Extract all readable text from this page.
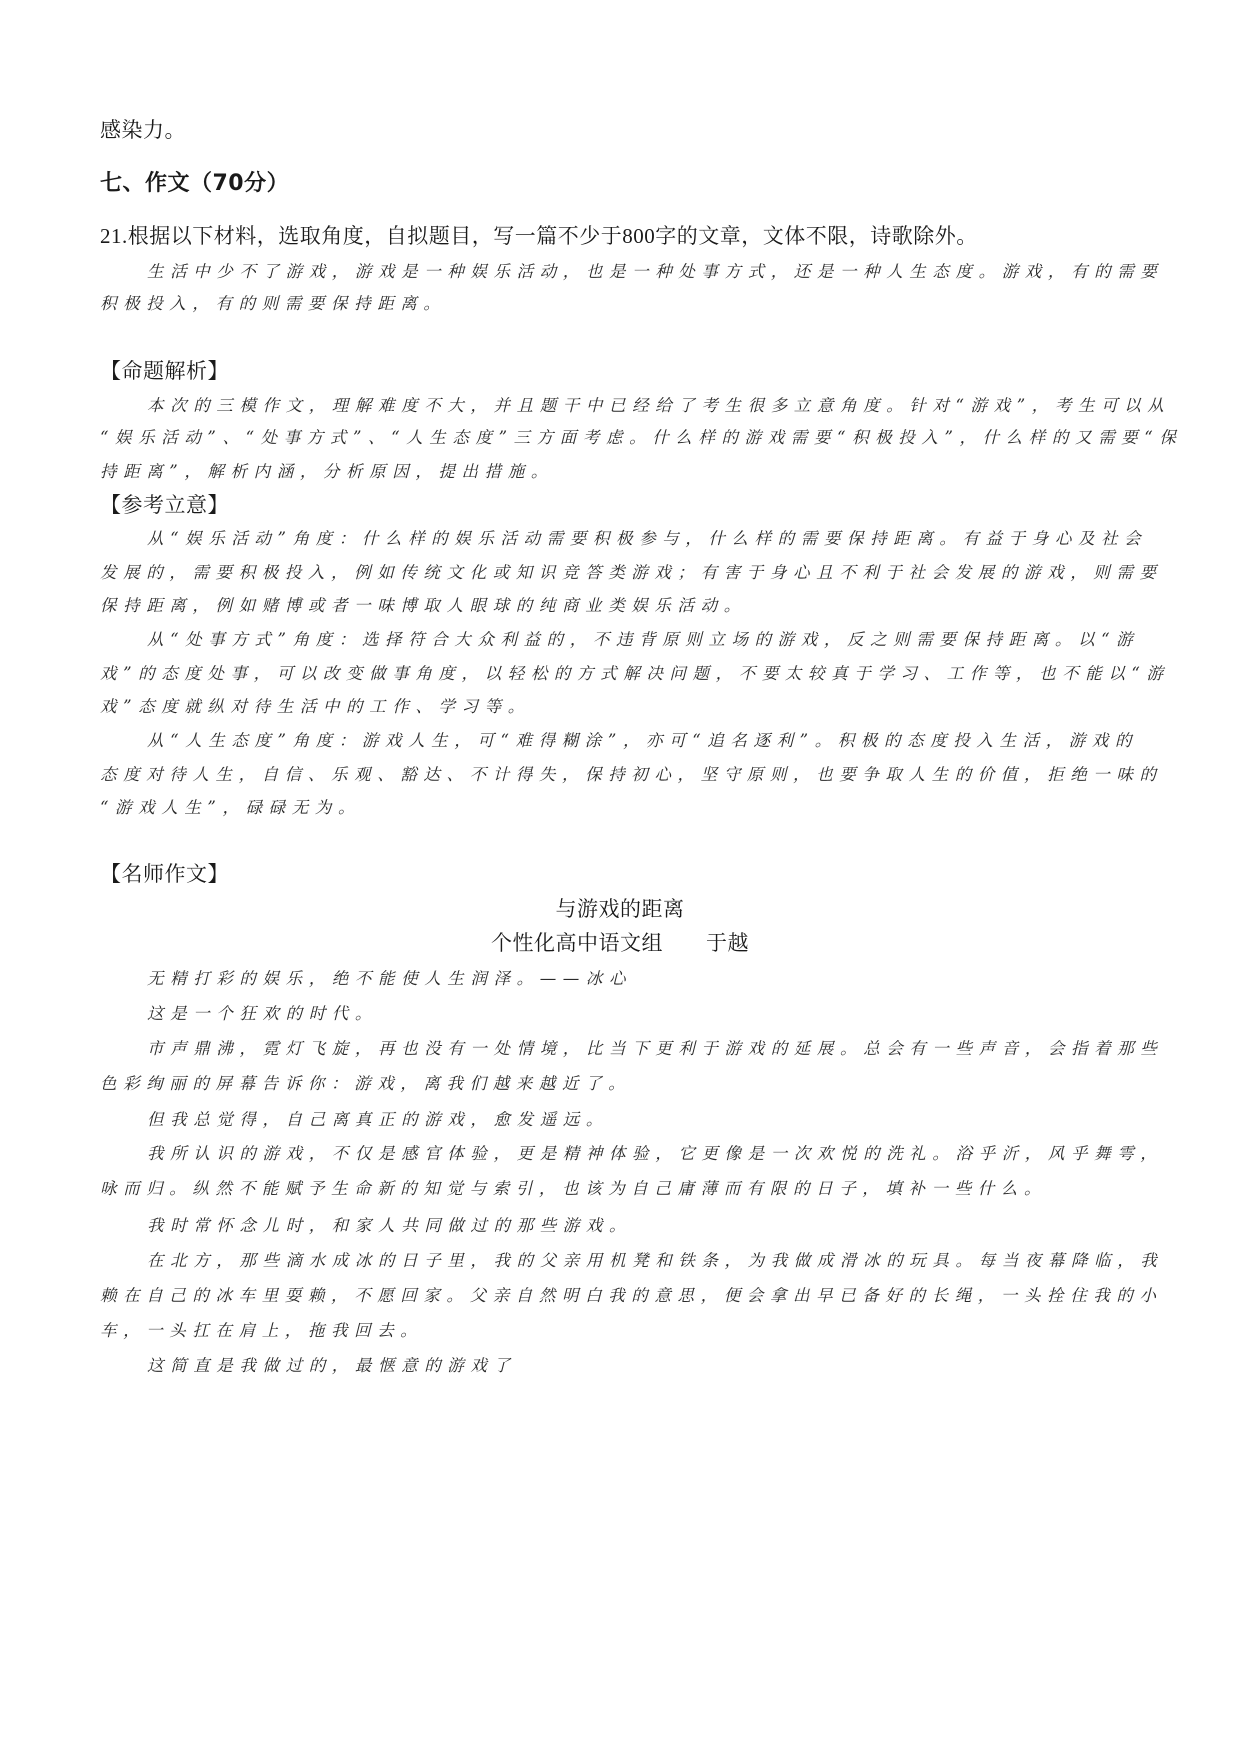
感染力。
七、作文（70分）
21.根据以下材料，选取角度，自拟题目，写一篇不少于800字的文章，文体不限，诗歌除外。
生活中少不了游戏，游戏是一种娱乐活动，也是一种处事方式，还是一种人生态度。游戏，有的需要
积极投入，有的则需要保持距离。
【命题解析】
本次的三模作文，理解难度不大，并且题干中已经给了考生很多立意角度。针对“游戏”，考生可以从
“娱乐活动”、“处事方式”、“人生态度”三方面考虑。什么样的游戏需要“积极投入”，什么样的又需要“保
持距离”，解析内涵，分析原因，提出措施。
【参考立意】
从“娱乐活动”角度：什么样的娱乐活动需要积极参与，什么样的需要保持距离。有益于身心及社会
发展的，需要积极投入，例如传统文化或知识竞答类游戏；有害于身心且不利于社会发展的游戏，则需要
保持距离，例如赌博或者一味博取人眼球的纯商业类娱乐活动。
从“处事方式”角度：选择符合大众利益的，不违背原则立场的游戏，反之则需要保持距离。以“游
戏”的态度处事，可以改变做事角度，以轻松的方式解决问题，不要太较真于学习、工作等，也不能以“游
戏”态度就纵对待生活中的工作、学习等。
从“人生态度”角度：游戏人生，可“难得糊涂”，亦可“追名逐利”。积极的态度投入生活，游戏的
态度对待人生，自信、乐观、豁达、不计得失，保持初心，坚守原则，也要争取人生的价值，拒绝一味的
“游戏人生”，碌碌无为。
【名师作文】
与游戏的距离
个性化高中语文组　　于越
无精打彩的娱乐，绝不能使人生润泽。——冰心
这是一个狂欢的时代。
市声鼎沸，霓灯飞旋，再也没有一处情境，比当下更利于游戏的延展。总会有一些声音，会指着那些
色彩绚丽的屏幕告诉你：游戏，离我们越来越近了。
但我总觉得，自己离真正的游戏，愈发遥远。
我所认识的游戏，不仅是感官体验，更是精神体验，它更像是一次欢悦的洗礼。浴乎沂，风乎舞雩，
咏而归。纵然不能赋予生命新的知觉与索引，也该为自己庸薄而有限的日子，填补一些什么。
我时常怀念儿时，和家人共同做过的那些游戏。
在北方，那些滴水成冰的日子里，我的父亲用机凳和铁条，为我做成滑冰的玩具。每当夜幕降临，我
赖在自己的冰车里耍赖，不愿回家。父亲自然明白我的意思，便会拿出早已备好的长绳，一头拴住我的小
车，一头扛在肩上，拖我回去。
这简直是我做过的，最惬意的游戏了
